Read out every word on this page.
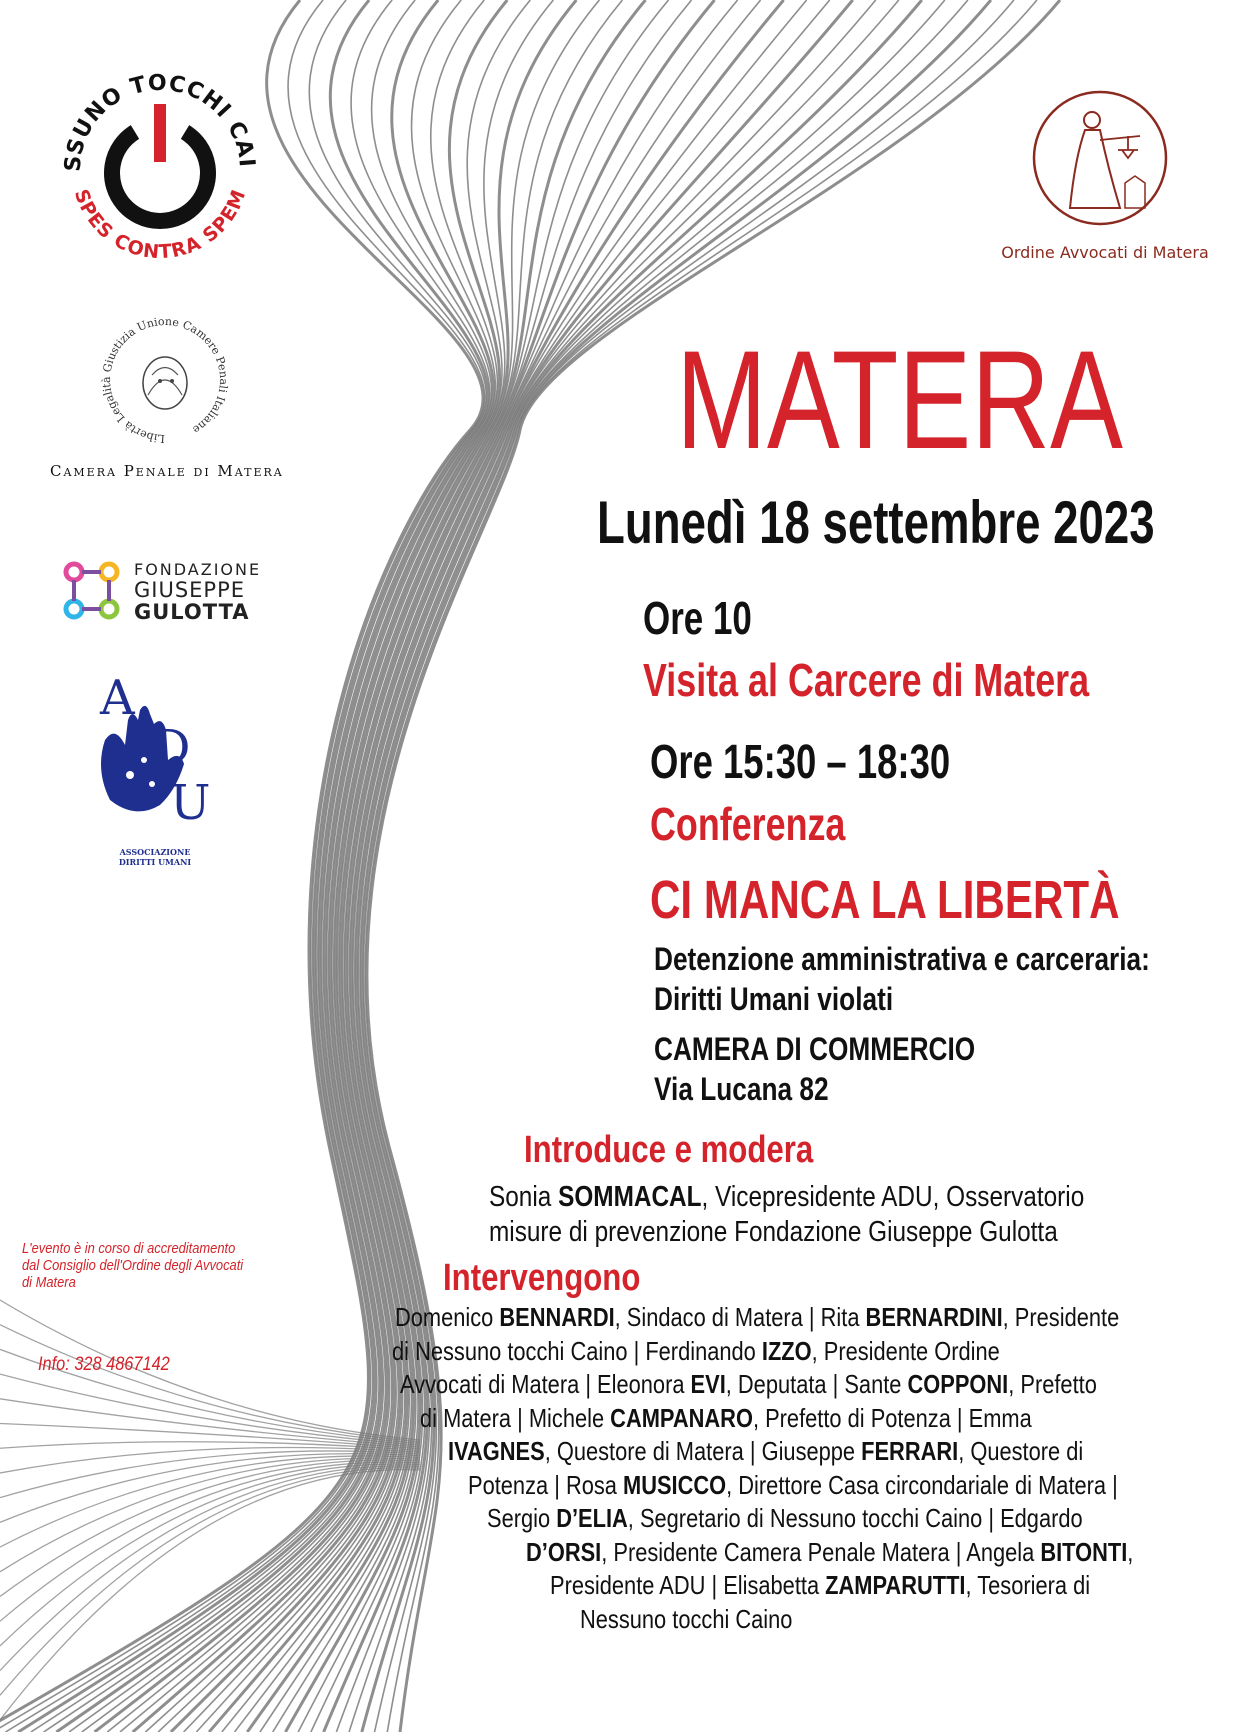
SSUNO TOCCHI CAI
SPES CONTRA SPEM
Libertà Legalità Giustizia Unione Camere Penali Italiane
Camera Penale di Matera
FONDAZIONE
GIUSEPPE
GULOTTA
A
D
U
ASSOCIAZIONE
DIRITTI UMANI
Ordine Avvocati di Matera
MATERA
Lunedì 18 settembre 2023
Ore 10
Visita al Carcere di Matera
Ore 15:30 – 18:30
Conferenza
CI MANCA LA LIBERTÀ
Detenzione amministrativa e carceraria:
Diritti Umani violati
CAMERA DI COMMERCIO
Via Lucana 82
Introduce e modera
Sonia SOMMACAL, Vicepresidente ADU, Osservatorio
misure di prevenzione Fondazione Giuseppe Gulotta
Intervengono
Domenico BENNARDI, Sindaco di Matera | Rita BERNARDINI, Presidente
di Nessuno tocchi Caino | Ferdinando IZZO, Presidente Ordine
Avvocati di Matera | Eleonora EVI, Deputata | Sante COPPONI, Prefetto
di Matera | Michele CAMPANARO, Prefetto di Potenza | Emma
IVAGNES, Questore di Matera | Giuseppe FERRARI, Questore di
Potenza | Rosa MUSICCO, Direttore Casa circondariale di Matera |
Sergio D’ELIA, Segretario di Nessuno tocchi Caino | Edgardo
D’ORSI, Presidente Camera Penale Matera | Angela BITONTI,
Presidente ADU | Elisabetta ZAMPARUTTI, Tesoriera di
Nessuno tocchi Caino
L'evento è in corso di accreditamento
dal Consiglio dell'Ordine degli Avvocati
di Matera
Info: 328 4867142
